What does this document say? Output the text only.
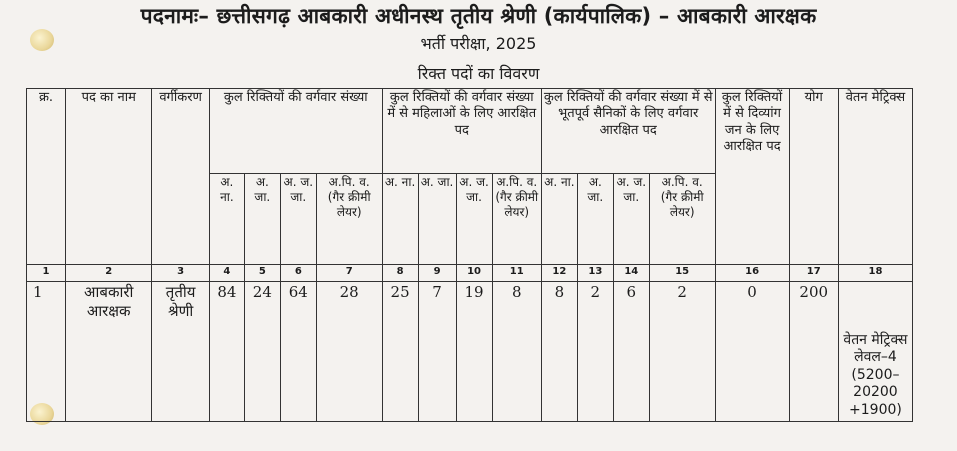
पदनामः– छत्तीसगढ़ आबकारी अधीनस्थ तृतीय श्रेणी (कार्यपालिक) – आबकारी आरक्षक
भर्ती परीक्षा, 2025
रिक्त पदों का विवरण
क्र.	पद का नाम	वर्गीकरण	कुल रिक्तियों की वर्गवार संख्या				कुल रिक्तियों की वर्गवार संख्या में से महिलाओं के लिए आरक्षित पद				कुल रिक्तियों की वर्गवार संख्या में से भूतपूर्व सैनिकों के लिए वर्गवार आरक्षित पद				कुल रिक्तियों में से दिव्यांग जन के लिए आरक्षित पद	योग	वेतन मेट्रिक्स
			अ. ना.	अ. जा.	अ. ज. जा.	अ.पि. व. (गैर क्रीमी लेयर)	अ. ना.	अ. जा.	अ. ज. जा.	अ.पि. व. (गैर क्रीमी लेयर)	अ. ना.	अ. जा.	अ. ज. जा.	अ.पि. व. (गैर क्रीमी लेयर)			
1	2	3	4	5	6	7	8	9	10	11	12	13	14	15	16	17	18
1	आबकारी आरक्षक	तृतीय श्रेणी	84	24	64	28	25	7	19	8	8	2	6	2	0	200	वेतन मेट्रिक्स लेवल–4 (5200–20200 +1900)
